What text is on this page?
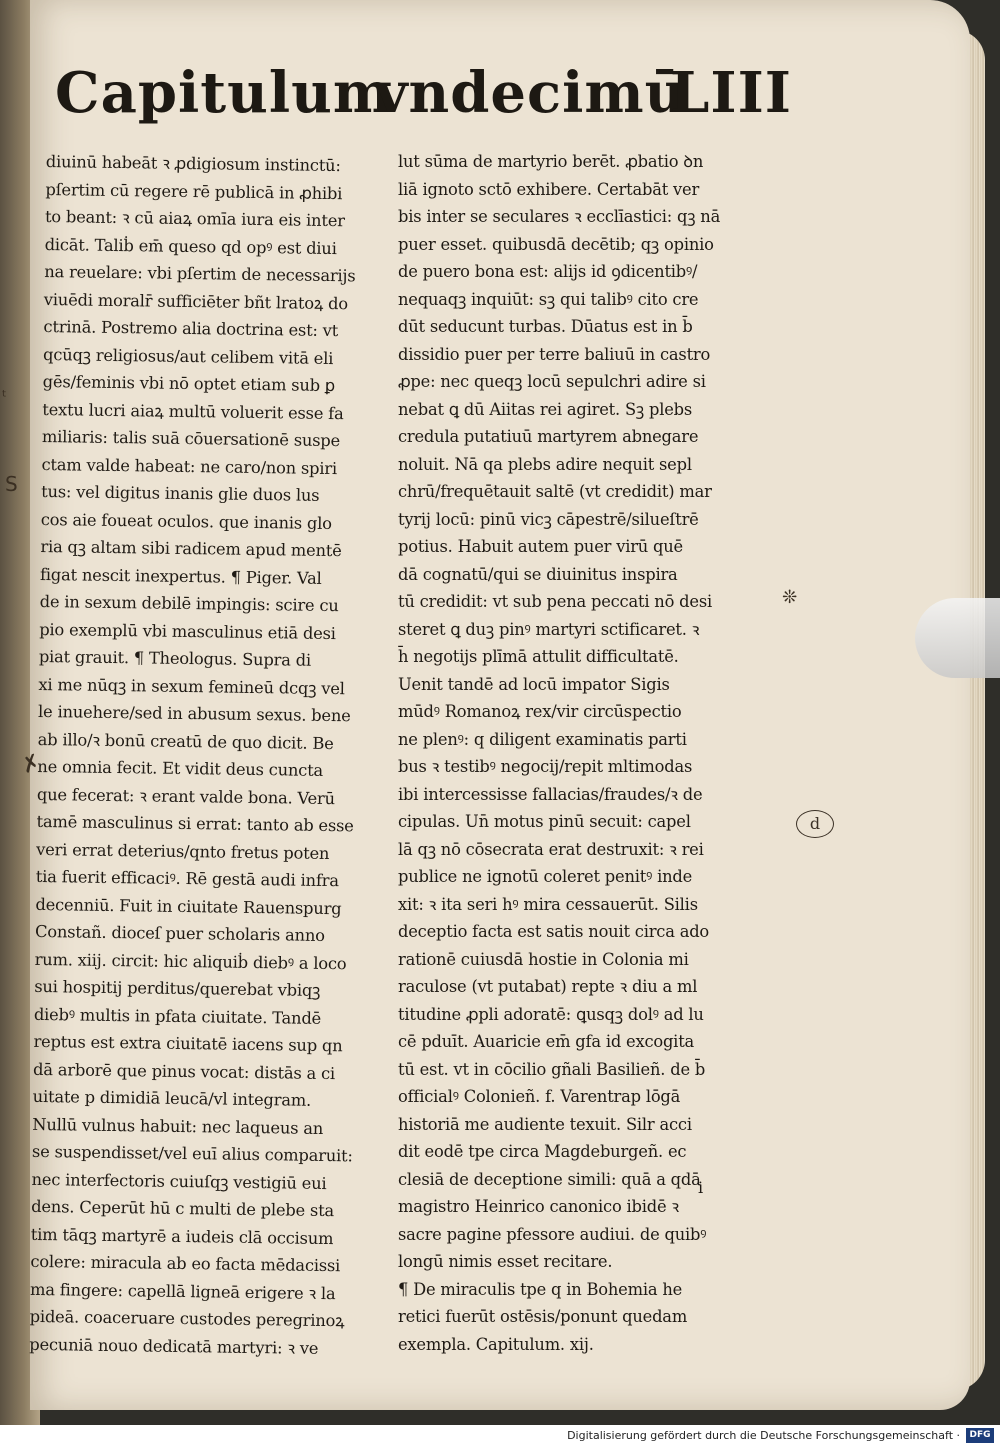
Capitulum
vndecimū
LIII
diuinū habeāt ꝛ ꝓdigiosum instinctū:
pſertim cū regere rē publicā in ꝓhibi
to beant: ꝛ cū aiaꝝ omīa iura eis inter
dicāt. Taliḃ em̄ queso qd opꝰ est diui
na reuelare: vbi pſertim de necessarijs
viuēdi moralr̄ sufficiēter bñt lratoꝝ do
ctrinā. Postremo alia doctrina est: vt
qcūqꝫ religiosus/aut celibem vitā eli
gēs/feminis vbi nō optet etiam sub ꝑ
textu lucri aiaꝝ multū voluerit esse fa
miliaris: talis suā cōuersationē suspe
ctam valde habeat: ne caro/non spiri
tus: vel digitus inanis glie duos lus
cos aie foueat oculos. que inanis glo
ria qꝫ altam sibi radicem apud mentē
figat nescit inexpertus. ¶ Piger. Val
de in sexum debilē impingis: scire cu
pio exemplū vbi masculinus etiā desi
piat grauit. ¶ Theologus. Supra di
xi me nūqꝫ in sexum femineū dcqꝫ vel
le inuehere/sed in abusum sexus. bene
ab illo/ꝛ bonū creatū de quo dicit. Be
ne omnia fecit. Et vidit deus cuncta
que fecerat: ꝛ erant valde bona. Verū
tamē masculinus si errat: tanto ab esse
veri errat deterius/qnto fretus poten
tia fuerit efficaciꝰ. Rē gestā audi infra
decenniū. Fuit in ciuitate Rauenspurg
Constañ. dioceſ puer scholaris anno
rum. xiij. circit: hic aliquiḃ diebꝰ a loco
sui hospitij perditus/querebat vbiqꝫ
diebꝰ multis in pfata ciuitate. Tandē
reptus est extra ciuitatē iacens sup qn
dā arborē que pinus vocat: distās a ci
uitate p dimidiā leucā/vl integram.
Nullū vulnus habuit: nec laqueus an
se suspendisset/vel euī alius comparuit:
nec interfectoris cuiuſqꝫ vestigiū eui
dens. Ceperūt hū c multi de plebe sta
tim tāqꝫ martyrē a iudeis clā occisum
colere: miracula ab eo facta mēdacissi
ma fingere: capellā ligneā erigere ꝛ la
pideā. coaceruare custodes peregrinoꝝ
pecuniā nouo dedicatā martyri: ꝛ ve
lut sūma de martyrio berēt. ꝓbatio ꝺn
liā ignoto sctō exhibere. Certabāt ver
bis inter se seculares ꝛ ecclīastici: qꝫ nā
puer esset. quibusdā decētib; qꝫ opinio
de puero bona est: alijs id ꝯdicentibꝰ/
nequaqꝫ inquiūt: sꝫ qui talibꝰ cito cre
dūt seducunt turbas. Dūatus est in b̄
dissidio puer per terre baliuū in castro
ꝓpe: nec queqꝫ locū sepulchri adire si
nebat ꝗ dū Aiitas rei agiret. Sꝫ plebs
credula putatiuū martyrem abnegare
noluit. Nā qa plebs adire nequit sepl
chrū/frequētauit saltē (vt credidit) mar
tyrij locū: pinū vicꝫ cāpestrē/silueſtrē
potius. Habuit autem puer virū quē
dā cognatū/qui se diuinitus inspira
tū credidit: vt sub pena peccati nō desi
steret ꝗ duꝫ pinꝰ martyri sctificaret. ꝛ
h̄ negotijs plīmā attulit difficultatē.
Uenit tandē ad locū impator Sigis
mūdꝰ Romanoꝝ rex/vir circūspectio
ne plenꝰ: q diligent examinatis parti
bus ꝛ testibꝰ negocij/repit mltimodas
ibi intercessisse fallacias/fraudes/ꝛ de
cipulas. Un̄ motus pinū secuit: capel
lā qꝫ nō cōsecrata erat destruxit: ꝛ rei
publice ne ignotū coleret penitꝰ inde
xit: ꝛ ita seri hꝰ mira cessauerūt. Silis
deceptio facta est satis nouit circa ado
rationē cuiusdā hostie in Colonia mi
raculose (vt putabat) repte ꝛ diu a ml
titudine ꝓpli adoratē: ꝗusqꝫ dolꝰ ad lu
cē pduīt. Auaricie em̄ gfa id excogita
tū est. vt in cōcilio gñali Basilieñ. de b̄
officialꝰ Colonieñ. f. Varentrap lōgā
historiā me audiente texuit. Silr acci
dit eodē tpe circa Magdeburgeñ. ec
clesiā de deceptione simili: quā a qdā
magistro Heinrico canonico ibidē ꝛ
sacre pagine pfessore audiui. de quibꝰ
longū nimis esset recitare.
¶ De miraculis tpe q in Bohemia he
retici fuerūt ostēsis/ponunt quedam
exempla. Capitulum. xij.
i
S
✗
d
❊
ᵗ
Digitalisierung gefördert durch die Deutsche Forschungsgemeinschaft ·	DFG
